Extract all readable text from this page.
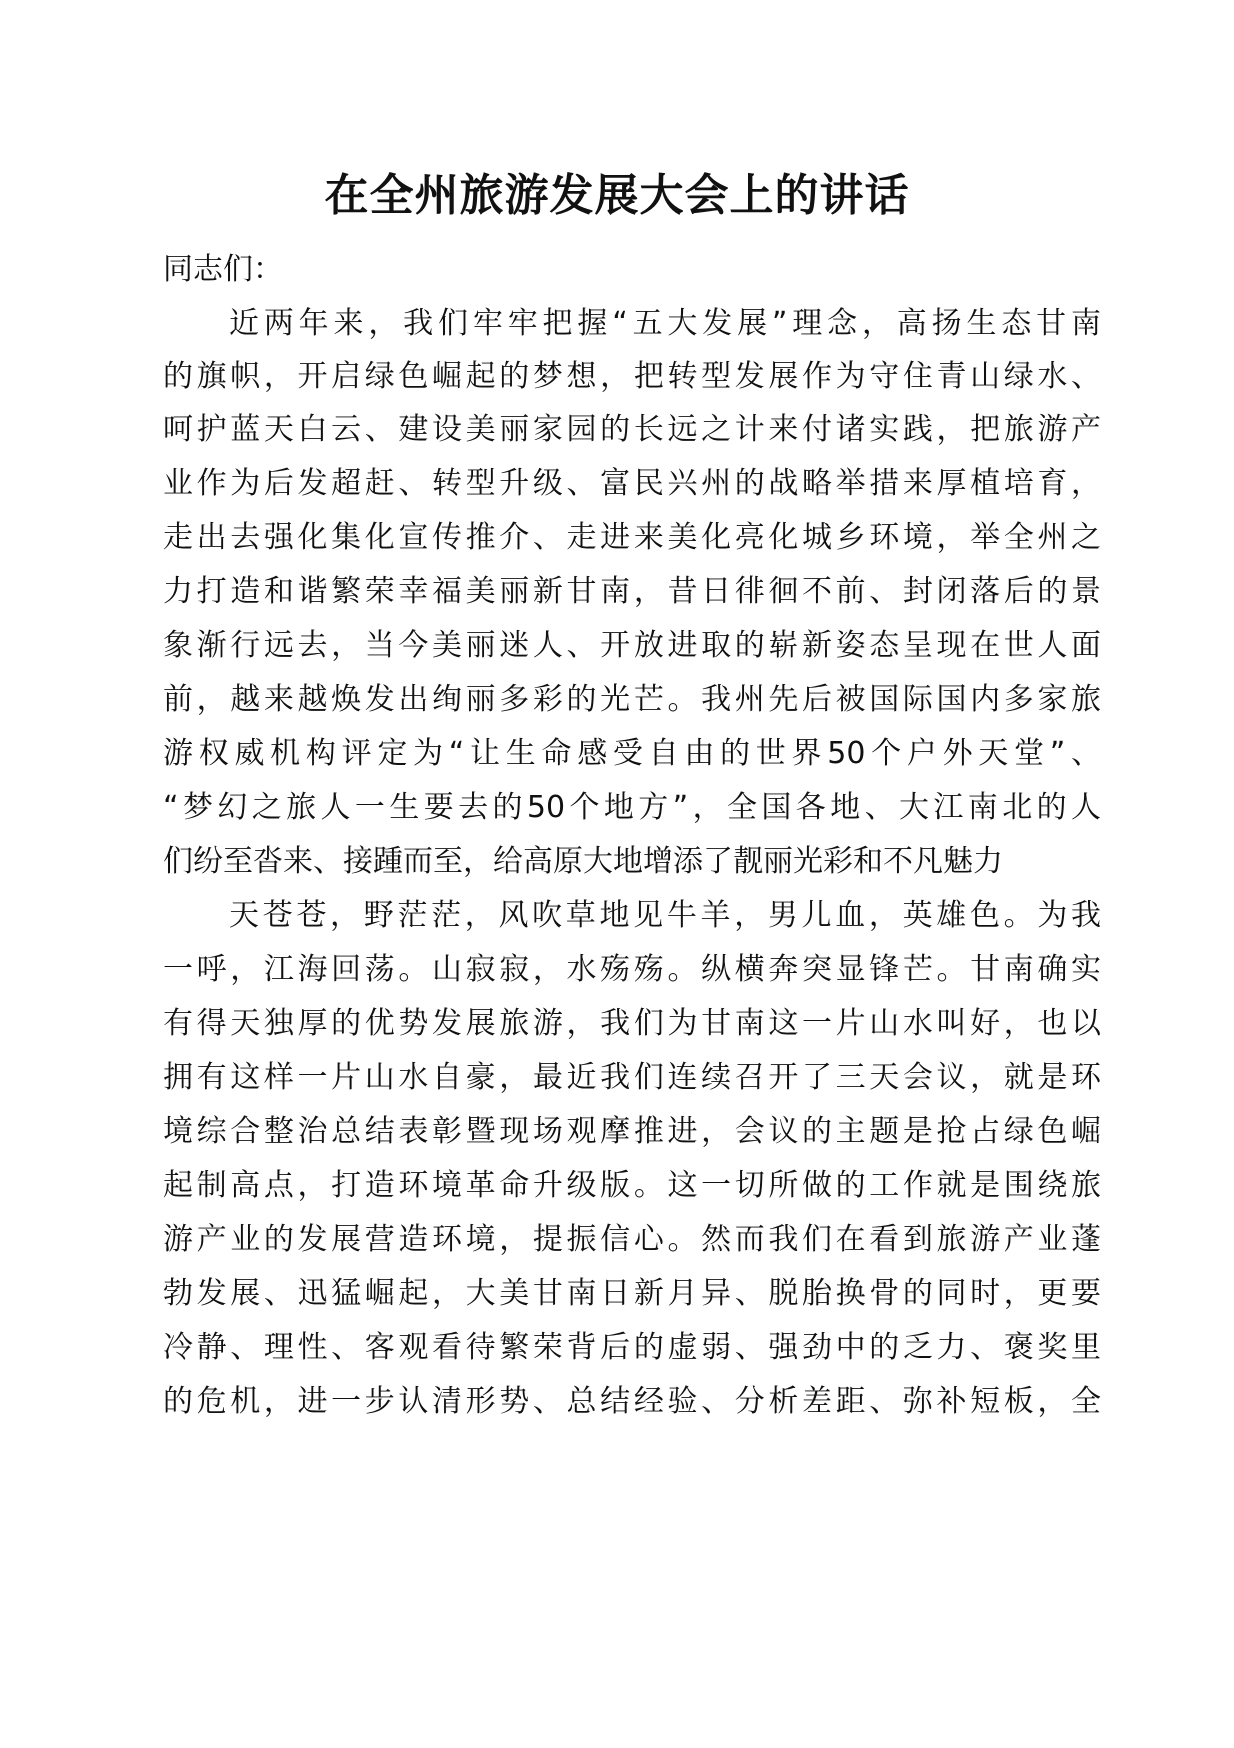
在全州旅游发展大会上的讲话
同志们：
近两年来，我们牢牢把握“五大发展”理念，高扬生态甘南
的旗帜，开启绿色崛起的梦想，把转型发展作为守住青山绿水、
呵护蓝天白云、建设美丽家园的长远之计来付诸实践，把旅游产
业作为后发超赶、转型升级、富民兴州的战略举措来厚植培育，
走出去强化集化宣传推介、走进来美化亮化城乡环境，举全州之
力打造和谐繁荣幸福美丽新甘南，昔日徘徊不前、封闭落后的景
象渐行远去，当今美丽迷人、开放进取的崭新姿态呈现在世人面
前，越来越焕发出绚丽多彩的光芒。我州先后被国际国内多家旅
游权威机构评定为“让生命感受自由的世界50个户外天堂”、
“梦幻之旅人一生要去的50个地方”，全国各地、大江南北的人
们纷至沓来、接踵而至，给高原大地增添了靓丽光彩和不凡魅力
天苍苍，野茫茫，风吹草地见牛羊，男儿血，英雄色。为我
一呼，江海回荡。山寂寂，水殇殇。纵横奔突显锋芒。甘南确实
有得天独厚的优势发展旅游，我们为甘南这一片山水叫好，也以
拥有这样一片山水自豪，最近我们连续召开了三天会议，就是环
境综合整治总结表彰暨现场观摩推进，会议的主题是抢占绿色崛
起制高点，打造环境革命升级版。这一切所做的工作就是围绕旅
游产业的发展营造环境，提振信心。然而我们在看到旅游产业蓬
勃发展、迅猛崛起，大美甘南日新月异、脱胎换骨的同时，更要
冷静、理性、客观看待繁荣背后的虚弱、强劲中的乏力、褒奖里
的危机，进一步认清形势、总结经验、分析差距、弥补短板，全
